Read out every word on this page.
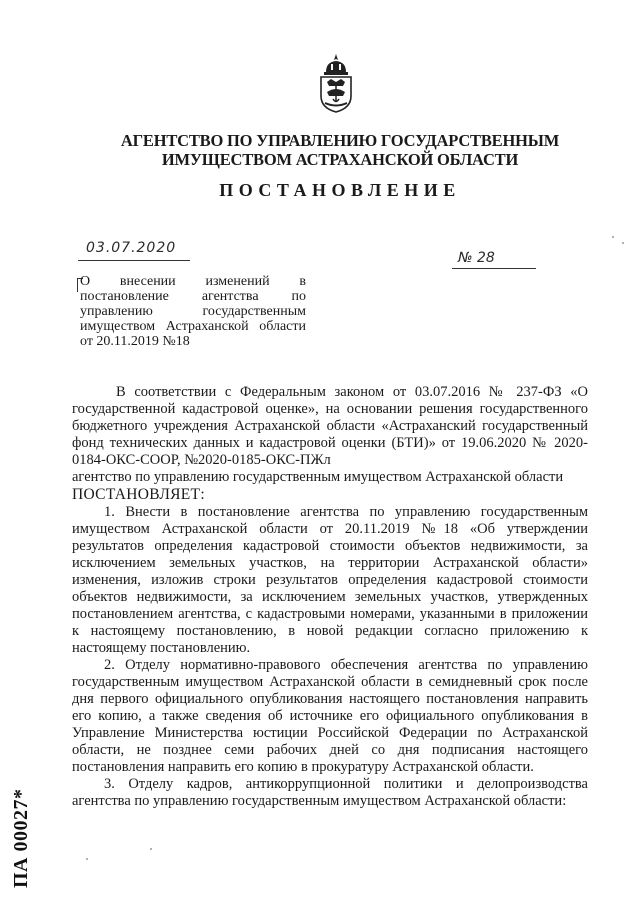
АГЕНТСТВО ПО УПРАВЛЕНИЮ ГОСУДАРСТВЕННЫМ
ИМУЩЕСТВОМ АСТРАХАНСКОЙ ОБЛАСТИ
ПОСТАНОВЛЕНИЕ
03.07.2020
№ 28
О внесении изменений в постановление агентства по управлению государственным имуществом Астраханской области от 20.11.2019 №18

В соответствии с Федеральным законом от 03.07.2016 № 237-ФЗ «О государственной кадастровой оценке», на основании решения государственного бюджетного учреждения Астраханской области «Астраханский государственный фонд технических данных и кадастровой оценки (БТИ)» от 19.06.2020 № 2020-0184-ОКС-СООР, №2020-0185-ОКС-ПЖл

агентство по управлению государственным имуществом Астраханской области

ПОСТАНОВЛЯЕТ:

1. Внести в постановление агентства по управлению государственным имуществом Астраханской области от 20.11.2019 №18 «Об утверждении результатов определения кадастровой стоимости объектов недвижимости, за исключением земельных участков, на территории Астраханской области» изменения, изложив строки результатов определения кадастровой стоимости объектов недвижимости, за исключением земельных участков, утвержденных постановлением агентства, с кадастровыми номерами, указанными в приложении к настоящему постановлению, в новой редакции согласно приложению к настоящему постановлению.

2. Отделу нормативно-правового обеспечения агентства по управлению государственным имуществом Астраханской области в семидневный срок после дня первого официального опубликования настоящего постановления направить его копию, а также сведения об источнике его официального опубликования в Управление Министерства юстиции Российской Федерации по Астраханской области, не позднее семи рабочих дней со дня подписания настоящего постановления направить его копию в прокуратуру Астраханской области.

3. Отделу кадров, антикоррупционной политики и делопроизводства агентства по управлению государственным имуществом Астраханской области:

ПА 00027*
